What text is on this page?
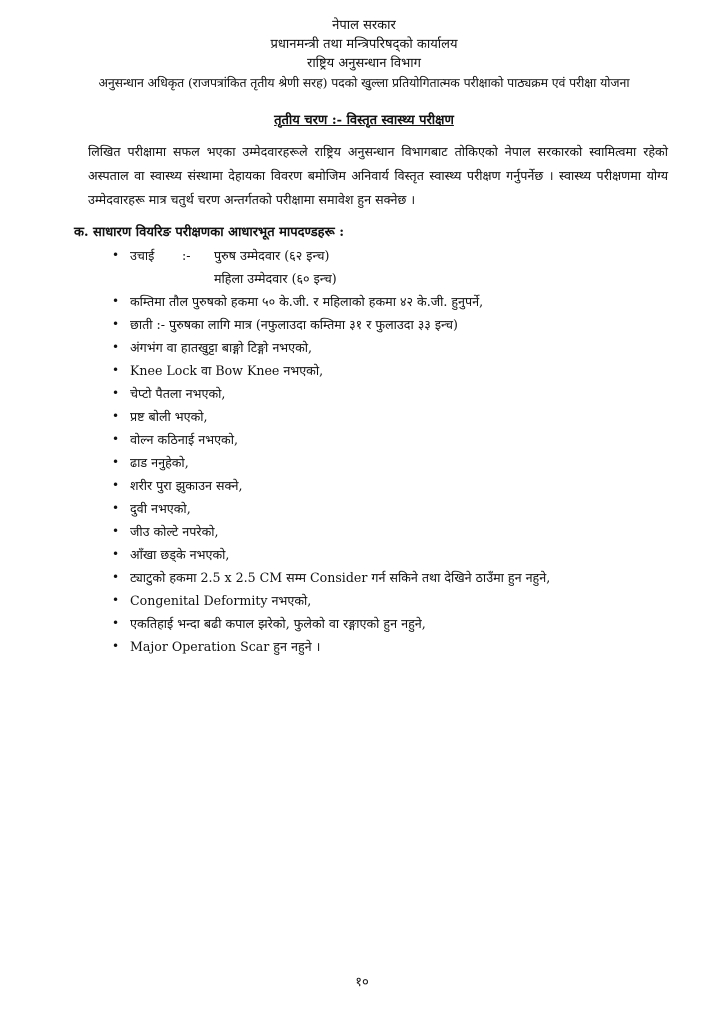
नेपाल सरकार
प्रधानमन्त्री तथा मन्त्रिपरिषद्को कार्यालय
राष्ट्रिय अनुसन्धान विभाग
अनुसन्धान अधिकृत (राजपत्रांकित तृतीय श्रेणी सरह) पदको खुल्ला प्रतियोगितात्मक परीक्षाको पाठ्यक्रम एवं परीक्षा योजना
तृतीय चरण :- विस्तृत स्वास्थ्य परीक्षण

लिखित परीक्षामा सफल भएका उम्मेदवारहरूले राष्ट्रिय अनुसन्धान विभागबाट तोकिएको नेपाल सरकारको स्वामित्वमा रहेको अस्पताल वा स्वास्थ्य संस्थामा देहायका विवरण बमोजिम अनिवार्य विस्तृत स्वास्थ्य परीक्षण गर्नुपर्नेछ । स्वास्थ्य परीक्षणमा योग्य उम्मेदवारहरू मात्र चतुर्थ चरण अन्तर्गतको परीक्षामा समावेश हुन सक्नेछ ।

क. साधारण वियरिङ परीक्षणका आधारभूत मापदण्डहरू :
• उचाई	:-	पुरुष उम्मेदवार (६२ इन्च)
महिला उम्मेदवार (६० इन्च)
• कम्तिमा तौल पुरुषको हकमा ५० के.जी. र महिलाको हकमा ४२ के.जी. हुनुपर्ने,
• छाती :- पुरुषका लागि मात्र (नफुलाउदा कम्तिमा ३१ र फुलाउदा ३३ इन्च)
• अंगभंग वा हातखुट्टा बाङ्गो टिङ्गो नभएको,
• Knee Lock वा Bow Knee नभएको,
• चेप्टो पैतला नभएको,
• प्रष्ट बोली भएको,
• वोल्न कठिनाई नभएको,
• ढाड ननुहेको,
• शरीर पुरा झुकाउन सक्ने,
• दुवी नभएको,
• जीउ कोल्टे नपरेको,
• आँखा छड्के नभएको,
• ट्याटुको हकमा 2.5 x 2.5 CM सम्म Consider गर्न सकिने तथा देखिने ठाउँमा हुन नहुने,
• Congenital Deformity नभएको,
• एकतिहाई भन्दा बढी कपाल झरेको, फुलेको वा रङ्गाएको हुन नहुने,
• Major Operation Scar हुन नहुने ।
१०
